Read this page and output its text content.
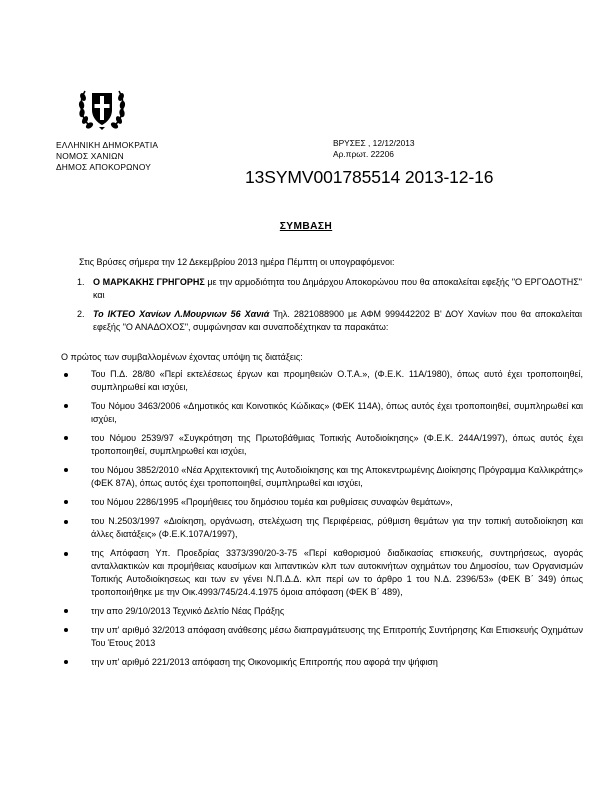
ΕΛΛΗΝΙΚΗ ΔΗΜΟΚΡΑΤΙΑ
ΝΟΜΟΣ ΧΑΝΙΩΝ
ΔΗΜΟΣ ΑΠΟΚΟΡΩΝΟΥ
ΒΡΥΣΕΣ , 12/12/2013
Αρ.πρωτ. 22206
13SYMV001785514 2013-12-16
ΣΥΜΒΑΣΗ
Στις Βρύσες σήμερα την 12 Δεκεμβρίου 2013 ημέρα Πέμπτη οι υπογραφόμενοι:
1. Ο ΜΑΡΚΑΚΗΣ ΓΡΗΓΟΡΗΣ με την αρμοδιότητα του Δημάρχου Αποκορώνου που θα αποκαλείται εφεξής "Ο ΕΡΓΟΔΟΤΗΣ" και
2. Το ΙΚΤΕΟ Χανίων Λ.Μουρνιων 56 Χανιά Τηλ. 2821088900 με ΑΦΜ 999442202 Β' ΔΟΥ Χανίων που θα αποκαλείται εφεξής "Ο ΑΝΑΔΟΧΟΣ", συμφώνησαν και συναποδέχτηκαν τα παρακάτω:
Ο πρώτος των συμβαλλομένων έχοντας υπόψη τις διατάξεις:
Του Π.Δ. 28/80 «Περί εκτελέσεως έργων και προμηθειών Ο.Τ.Α.», (Φ.Ε.Κ. 11Α/1980), όπως αυτό έχει τροποποιηθεί, συμπληρωθεί και ισχύει,
Του Νόμου 3463/2006 «Δημοτικός και Κοινοτικός Κώδικας» (ΦΕΚ 114Α), όπως αυτός έχει τροποποιηθεί, συμπληρωθεί και ισχύει,
του Νόμου 2539/97 «Συγκρότηση της Πρωτοβάθμιας Τοπικής Αυτοδιοίκησης» (Φ.Ε.Κ. 244Α/1997), όπως αυτός έχει τροποποιηθεί, συμπληρωθεί και ισχύει,
του Νόμου 3852/2010 «Νέα Αρχιτεκτονική της Αυτοδιοίκησης και της Αποκεντρωμένης Διοίκησης Πρόγραμμα Καλλικράτης» (ΦΕΚ 87Α), όπως αυτός έχει τροποποιηθεί, συμπληρωθεί και ισχύει,
του Νόμου 2286/1995 «Προμήθειες του δημόσιου τομέα και ρυθμίσεις συναφών θεμάτων»,
του Ν.2503/1997 «Διοίκηση, οργάνωση, στελέχωση της Περιφέρειας, ρύθμιση θεμάτων για την τοπική αυτοδιοίκηση και άλλες διατάξεις» (Φ.Ε.Κ.107Α/1997),
της Απόφαση Υπ. Προεδρίας 3373/390/20-3-75 «Περί καθορισμού διαδικασίας επισκευής, συντηρήσεως, αγοράς ανταλλακτικών και προμήθειας καυσίμων και λιπαντικών κλπ των αυτοκινήτων οχημάτων του Δημοσίου, των Οργανισμών Τοπικής Αυτοδιοίκησεως και των εν γένει Ν.Π.Δ.Δ. κλπ περί ων το άρθρο 1 του Ν.Δ. 2396/53» (ΦΕΚ Β΄ 349) όπως τροποποιήθηκε με την Οικ.4993/745/24.4.1975 όμοια απόφαση (ΦΕΚ Β΄ 489),
την απο 29/10/2013 Τεχνικό Δελτίο Νέας Πράξης
την υπ' αριθμό 32/2013 απόφαση ανάθεσης μέσω διαπραγμάτευσης της Επιτροπής Συντήρησης Και Επισκευής Οχημάτων Του Έτους 2013
την υπ' αριθμό 221/2013 απόφαση της Οικονομικής Επιτροπής που αφορά την ψήφιση
